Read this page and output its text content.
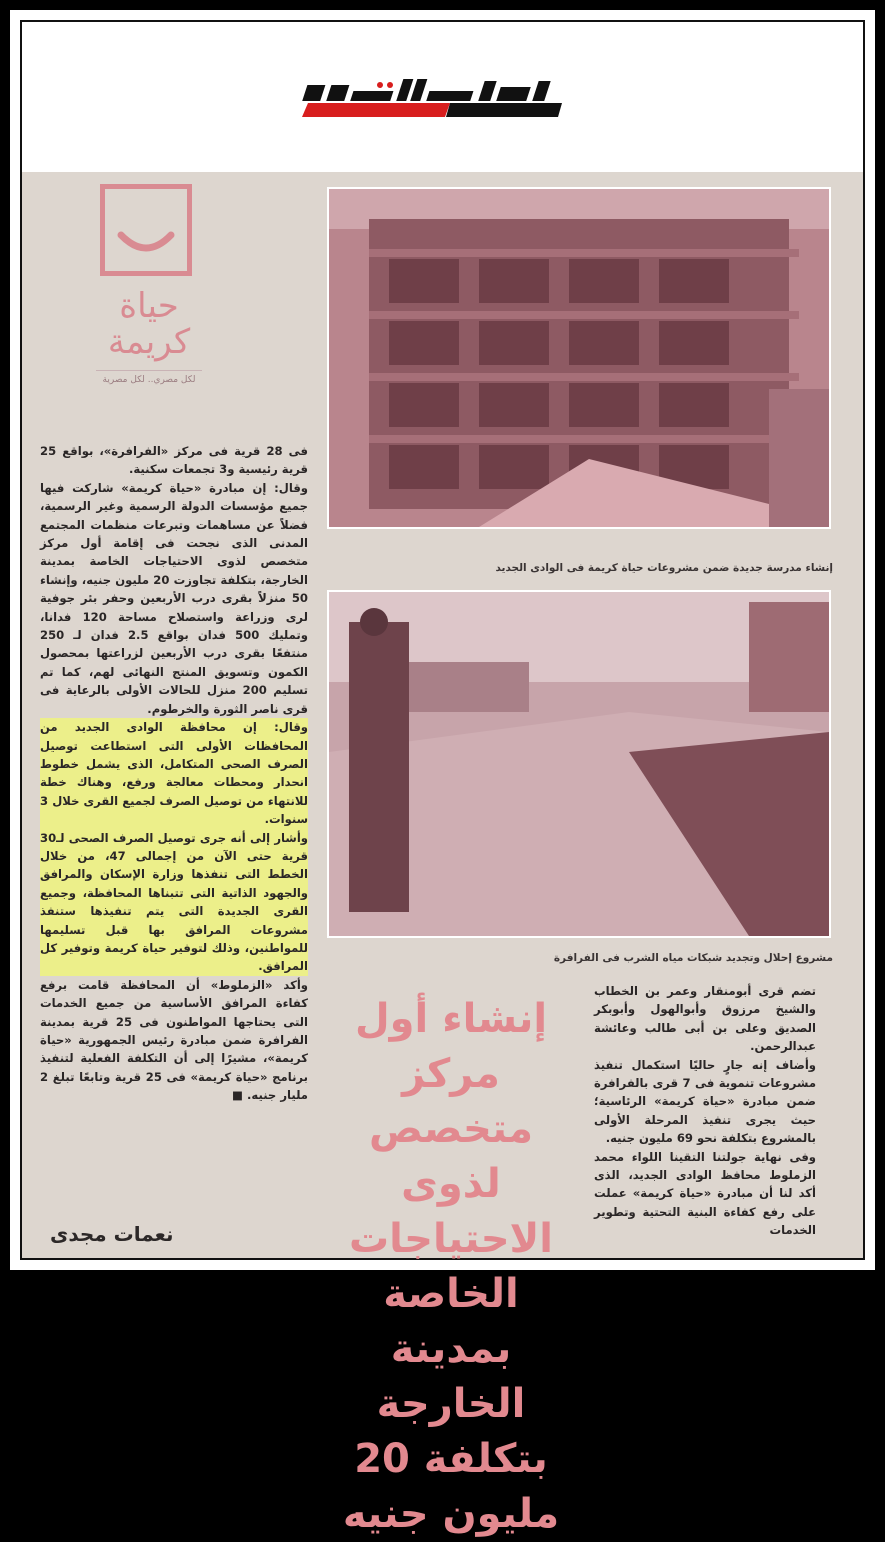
حياة
كريمة
لكل مصري.. لكل مصرية
إنشاء مدرسة جديدة ضمن مشروعات حياة كريمة فى الوادى الجديد
مشروع إحلال وتجديد شبكات مياه الشرب فى الفرافرة

فى 28 قرية فى مركز «الفرافرة»، بواقع 25 قرية رئيسية و3 تجمعات سكنية.

وقال: إن مبادرة «حياة كريمة» شاركت فيها جميع مؤسسات الدولة الرسمية وغير الرسمية، فضلاً عن مساهمات وتبرعات منظمات المجتمع المدنى الذى نجحت فى إقامة أول مركز متخصص لذوى الاحتياجات الخاصة بمدينة الخارجة، بتكلفة تجاوزت 20 مليون جنيه، وإنشاء 50 منزلاً بقرى درب الأربعين وحفر بئر جوفية لرى وزراعة واستصلاح مساحة 120 فدانا، وتمليك 500 فدان بواقع 2.5 فدان لـ 250 منتفعًا بقرى درب الأربعين لزراعتها بمحصول الكمون وتسويق المنتج النهائى لهم، كما تم تسليم 200 منزل للحالات الأولى بالرعاية فى قرى ناصر الثورة والخرطوم.

وقال: إن محافظة الوادى الجديد من المحافظات الأولى التى استطاعت توصيل الصرف الصحى المتكامل، الذى يشمل خطوط انحدار ومحطات معالجة ورفع، وهناك خطة للانتهاء من توصيل الصرف لجميع القرى خلال 3 سنوات.

وأشار إلى أنه جرى توصيل الصرف الصحى لـ30 قرية حتى الآن من إجمالى 47، من خلال الخطط التى تنفذها وزارة الإسكان والمرافق والجهود الذاتية التى تتبناها المحافظة، وجميع القرى الجديدة التى يتم تنفيذها ستنفذ مشروعات المرافق بها قبل تسليمها للمواطنين، وذلك لتوفير حياة كريمة وتوفير كل المرافق.

وأكد «الزملوط» أن المحافظة قامت برفع كفاءة المرافق الأساسية من جميع الخدمات التى يحتاجها المواطنون فى 25 قرية بمدينة الفرافرة ضمن مبادرة رئيس الجمهورية «حياة كريمة»، مشيرًا إلى أن التكلفة الفعلية لتنفيذ برنامج «حياة كريمة» فى 25 قرية وتابعًا تبلغ 2 مليار جنيه. ■

إنشاء أول مركز متخصص لذوى الاحتياجات الخاصة بمدينة الخارجة بتكلفة 20 مليون جنيه

تضم قرى أبومنقار وعمر بن الخطاب والشيخ مرزوق وأبوالهول وأبوبكر الصديق وعلى بن أبى طالب وعائشة عبدالرحمن.

وأضاف إنه جارٍ حاليًا استكمال تنفيذ مشروعات تنموية فى 7 قرى بالفرافرة ضمن مبادرة «حياة كريمة» الرئاسية؛ حيث يجرى تنفيذ المرحلة الأولى بالمشروع بتكلفة نحو 69 مليون جنيه.

وفى نهاية جولتنا التقينا اللواء محمد الزملوط محافظ الوادى الجديد، الذى أكد لنا أن مبادرة «حياة كريمة» عملت على رفع كفاءة البنية التحتية وتطوير الخدمات

نعمات مجدى
